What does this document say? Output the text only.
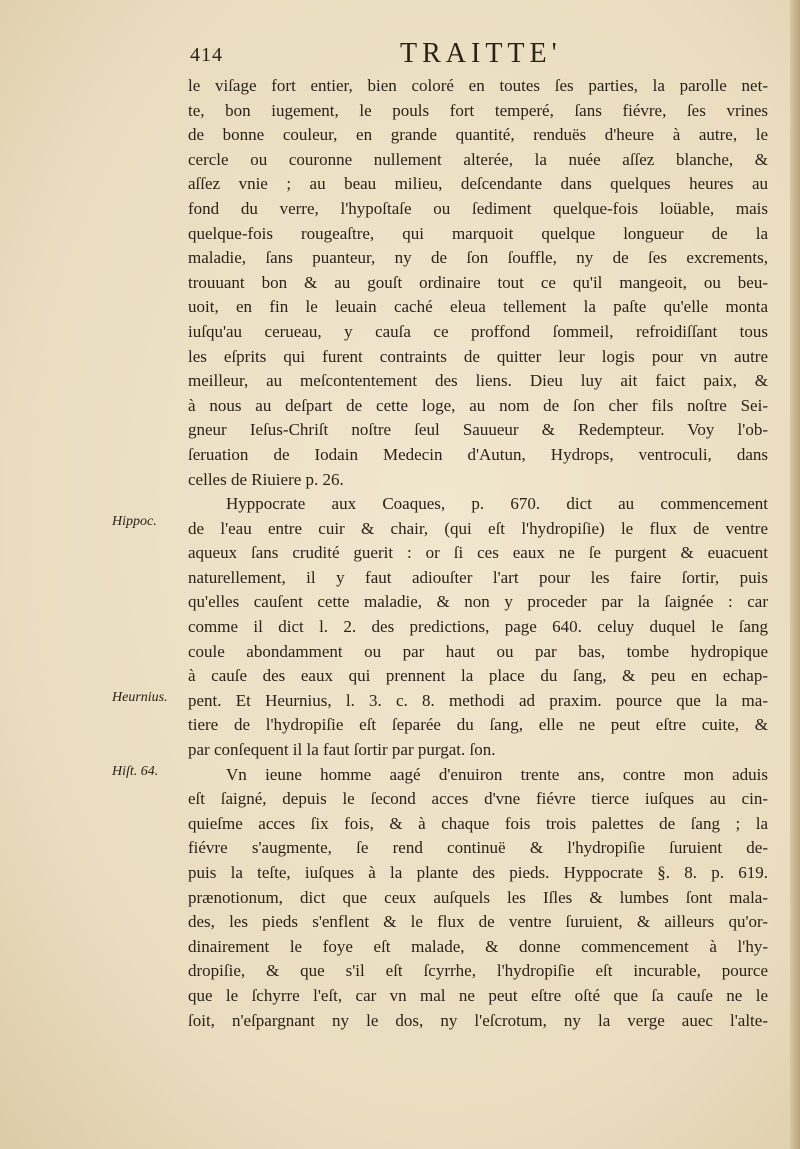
414	TRAITTE'
le viſage fort entier, bien coloré en toutes ſes parties, la parolle net-
te, bon iugement, le pouls fort temperé, ſans fiévre, ſes vrines
de bonne couleur, en grande quantité, renduës d'heure à autre, le
cercle ou couronne nullement alterée, la nuée aſſez blanche, &
aſſez vnie ; au beau milieu, deſcendante dans quelques heures au
fond du verre, l'hypoſtaſe ou ſediment quelque-fois loüable, mais
quelque-fois rougeaſtre, qui marquoit quelque longueur de la
maladie, ſans puanteur, ny de ſon ſouffle, ny de ſes excrements,
trouuant bon & au gouſt ordinaire tout ce qu'il mangeoit, ou beu-
uoit, en fin le leuain caché eleua tellement la paſte qu'elle monta
iuſqu'au cerueau, y cauſa ce proffond ſommeil, refroidiſſant tous
les eſprits qui furent contraints de quitter leur logis pour vn autre
meilleur, au meſcontentement des liens. Dieu luy ait faict paix, &
à nous au deſpart de cette loge, au nom de ſon cher fils noſtre Sei-
gneur Ieſus-Chriſt noſtre ſeul Sauueur & Redempteur. Voy l'ob-
ſeruation de Iodain Medecin d'Autun, Hydrops, ventroculi, dans
celles de Riuiere p. 26.
Hyppocrate aux Coaques, p. 670. dict au commencement
de l'eau entre cuir & chair, (qui eſt l'hydropiſie) le flux de ventre
aqueux ſans crudité guerit : or ſi ces eaux ne ſe purgent & euacuent
naturellement, il y faut adiouſter l'art pour les faire ſortir, puis
qu'elles cauſent cette maladie, & non y proceder par la ſaignée : car
comme il dict l. 2. des predictions, page 640. celuy duquel le ſang
coule abondamment ou par haut ou par bas, tombe hydropique
à cauſe des eaux qui prennent la place du ſang, & peu en echap-
pent. Et Heurnius, l. 3. c. 8. methodi ad praxim. pource que la ma-
tiere de l'hydropiſie eſt ſeparée du ſang, elle ne peut eſtre cuite, &
par conſequent il la faut ſortir par purgat. ſon.
Vn ieune homme aagé d'enuiron trente ans, contre mon aduis
eſt ſaigné, depuis le ſecond acces d'vne fiévre tierce iuſques au cin-
quieſme acces ſix fois, & à chaque fois trois palettes de ſang ; la
fiévre s'augmente, ſe rend continuë & l'hydropiſie ſuruient de-
puis la teſte, iuſques à la plante des pieds. Hyppocrate §. 8. p. 619.
prænotionum, dict que ceux auſquels les Iſles & lumbes ſont mala-
des, les pieds s'enflent & le flux de ventre ſuruient, & ailleurs qu'or-
dinairement le foye eſt malade, & donne commencement à l'hy-
dropiſie, & que s'il eſt ſcyrrhe, l'hydropiſie eſt incurable, pource
que le ſchyrre l'eſt, car vn mal ne peut eſtre oſté que ſa cauſe ne le
ſoit, n'eſpargnant ny le dos, ny l'eſcrotum, ny la verge auec l'alte-
Hippoc.
Heurnius.
Hiſt. 64.
